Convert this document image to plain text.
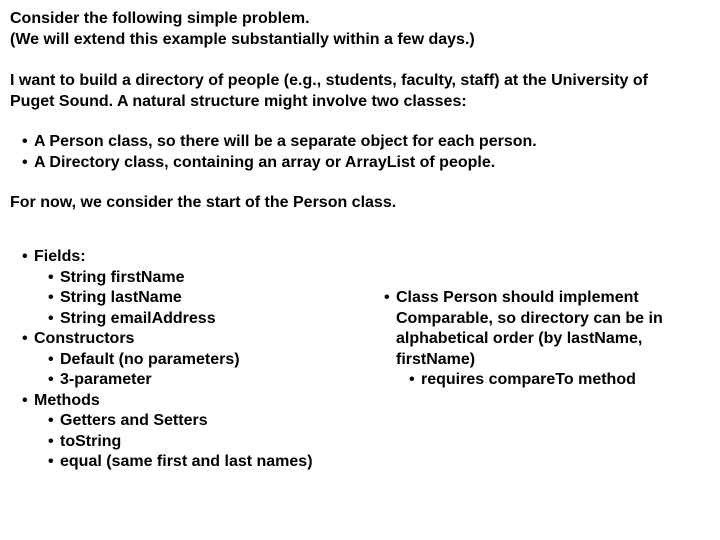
Consider the following simple problem.
(We will extend this example substantially within a few days.)
I want to build a directory of people (e.g., students, faculty, staff) at the University of
Puget Sound. A natural structure might involve two classes:
• A Person class, so there will be a separate object for each person.
• A Directory class, containing an array or ArrayList of people.
For now, we consider the start of the Person class.
• Fields:
• String firstName
• String lastName
• String emailAddress
• Constructors
• Default (no parameters)
• 3-parameter
• Methods
• Getters and Setters
• toString
• equal (same first and last names)
• Class Person should implement
Comparable, so directory can be in
alphabetical order (by lastName,
firstName)
• requires compareTo method
